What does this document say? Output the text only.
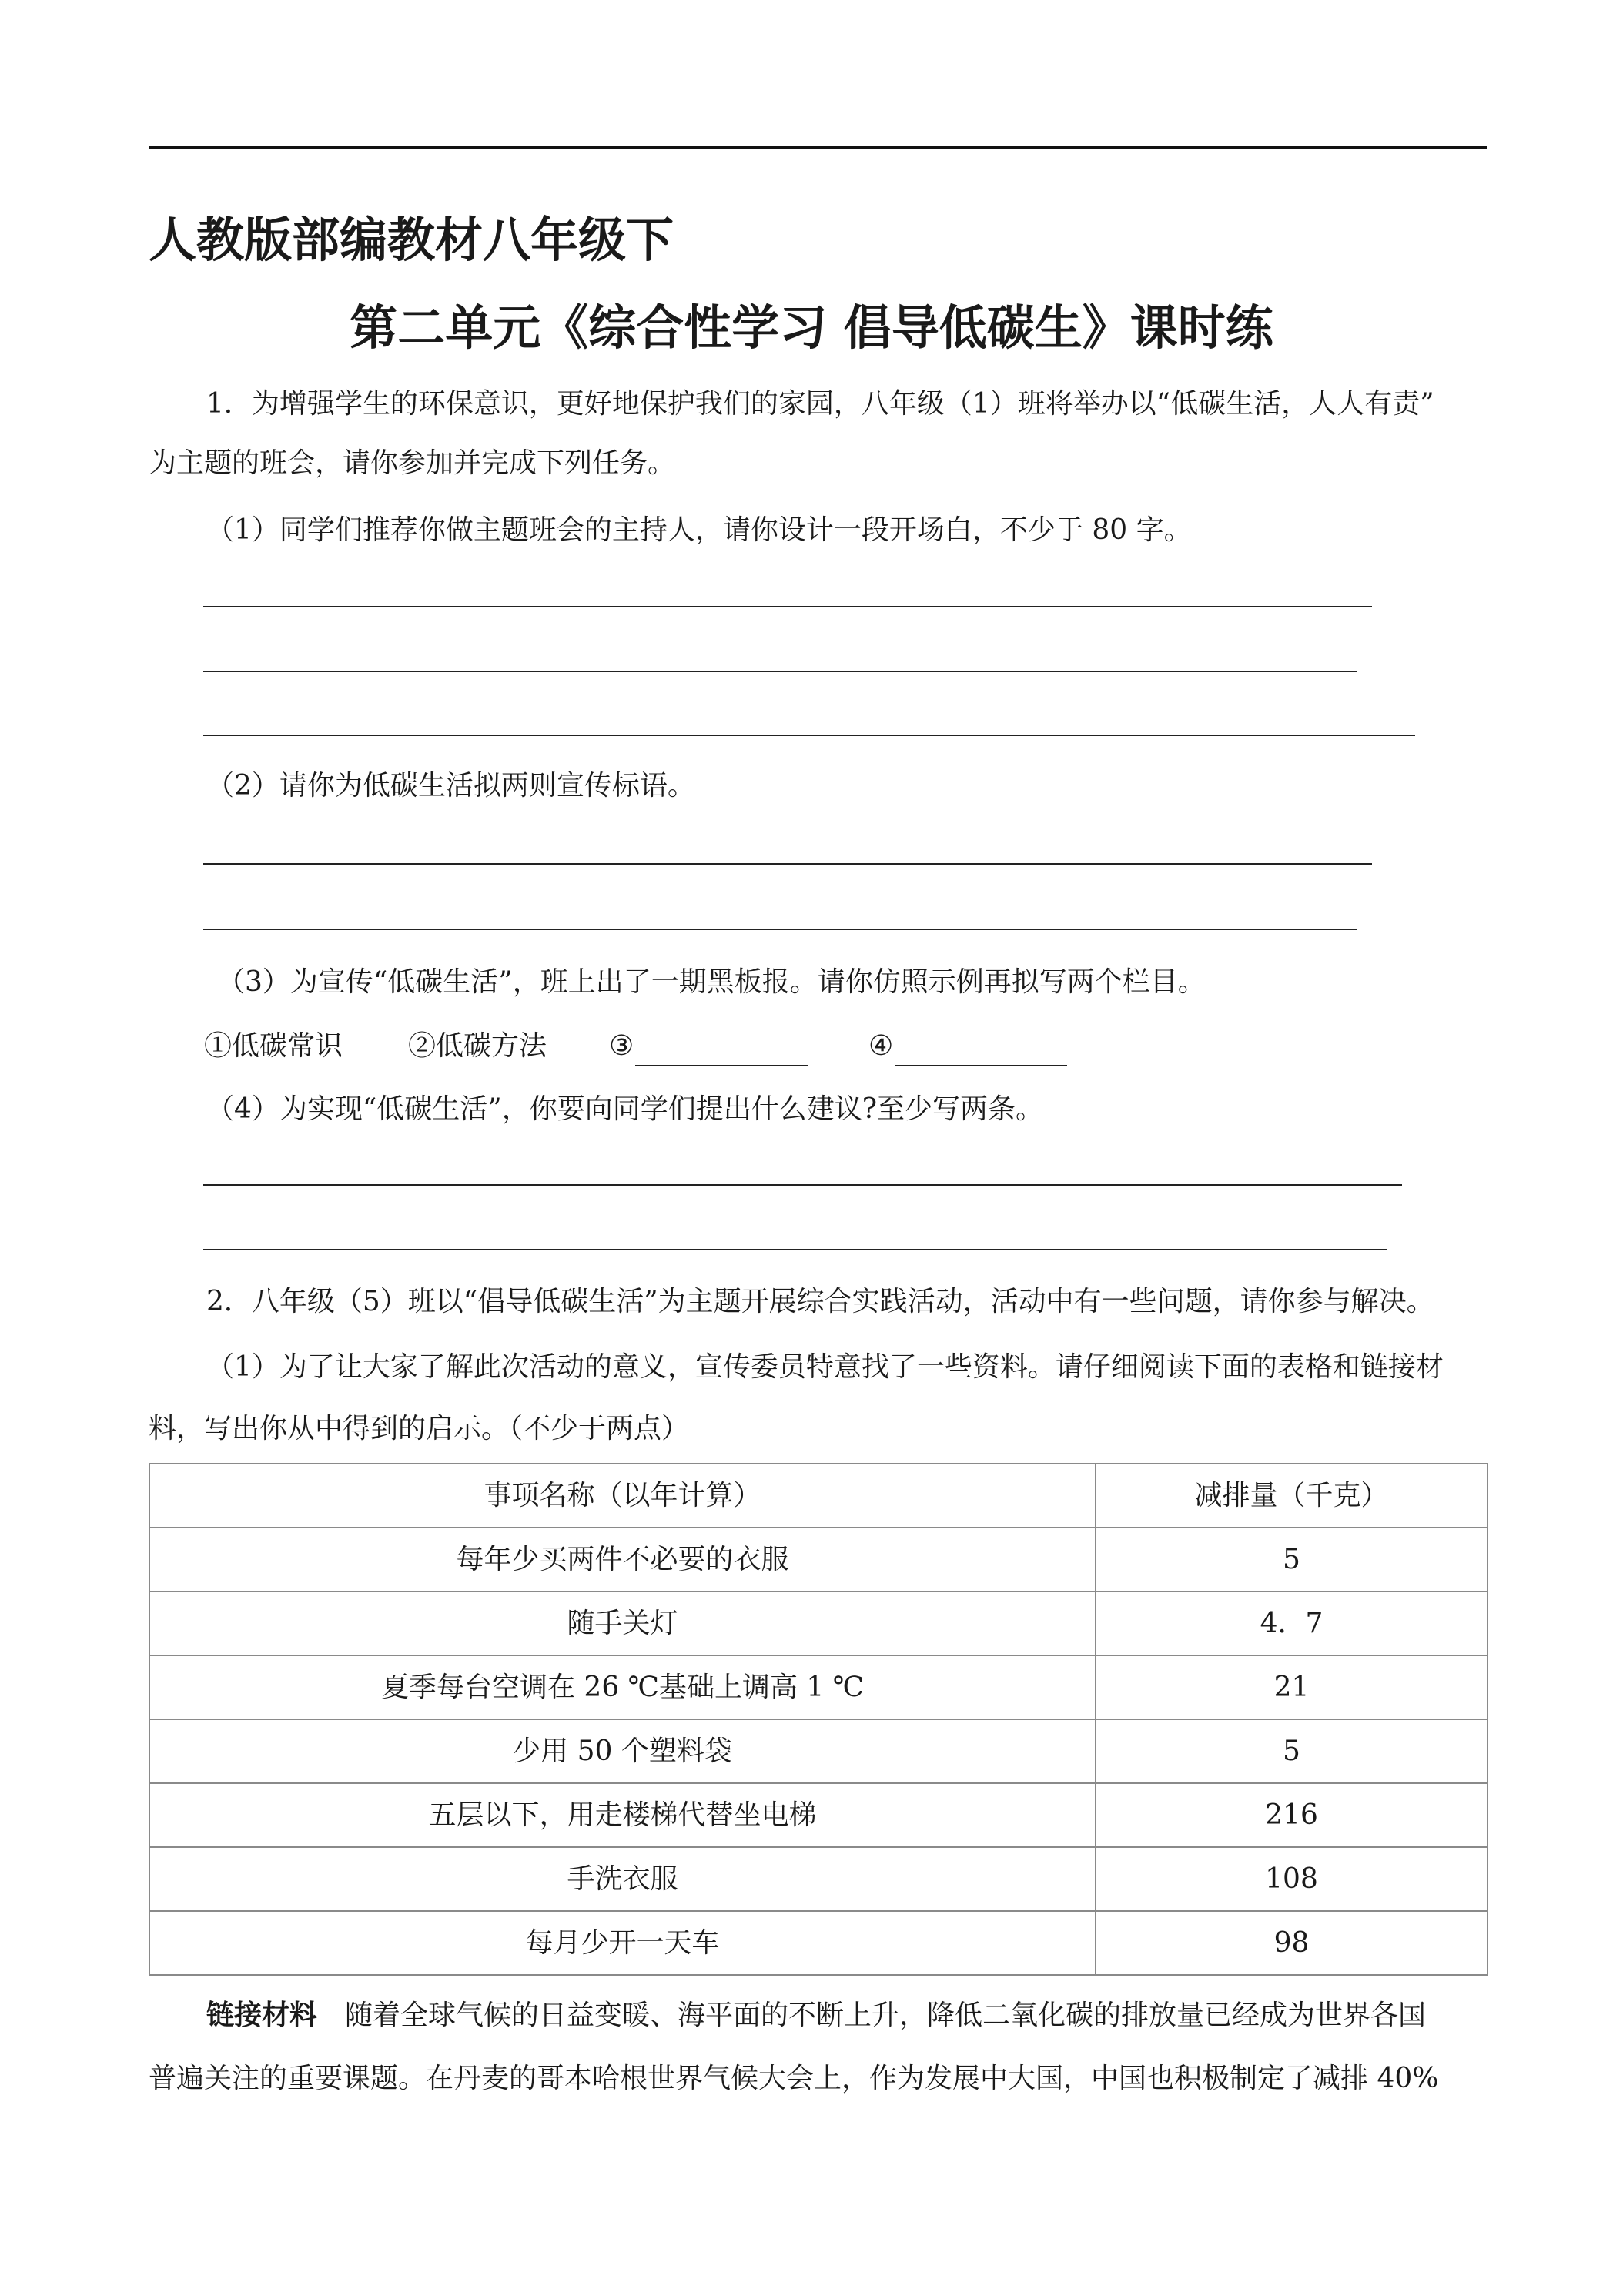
人教版部编教材八年级下
第二单元《综合性学习 倡导低碳生》课时练
1．为增强学生的环保意识，更好地保护我们的家园，八年级（1）班将举办以“低碳生活，人人有责”
为主题的班会，请你参加并完成下列任务。
（1）同学们推荐你做主题班会的主持人，请你设计一段开场白，不少于 80 字。
（2）请你为低碳生活拟两则宣传标语。
（3）为宣传“低碳生活”，班上出了一期黑板报。请你仿照示例再拟写两个栏目。
①低碳常识 ②低碳方法 ③	④
（4）为实现“低碳生活”，你要向同学们提出什么建议?至少写两条。
2．八年级（5）班以“倡导低碳生活”为主题开展综合实践活动，活动中有一些问题，请你参与解决。
（1）为了让大家了解此次活动的意义，宣传委员特意找了一些资料。请仔细阅读下面的表格和链接材
料，写出你从中得到的启示。（不少于两点）
事项名称（以年计算）	减排量（千克）
每年少买两件不必要的衣服	5
随手关灯	4．7
夏季每台空调在 26 ℃基础上调高 1 ℃	21
少用 50 个塑料袋	5
五层以下，用走楼梯代替坐电梯	216
手洗衣服	108
每月少开一天车	98
链接材料 随着全球气候的日益变暖、海平面的不断上升，降低二氧化碳的排放量已经成为世界各国
普遍关注的重要课题。在丹麦的哥本哈根世界气候大会上，作为发展中大国，中国也积极制定了减排 40%
